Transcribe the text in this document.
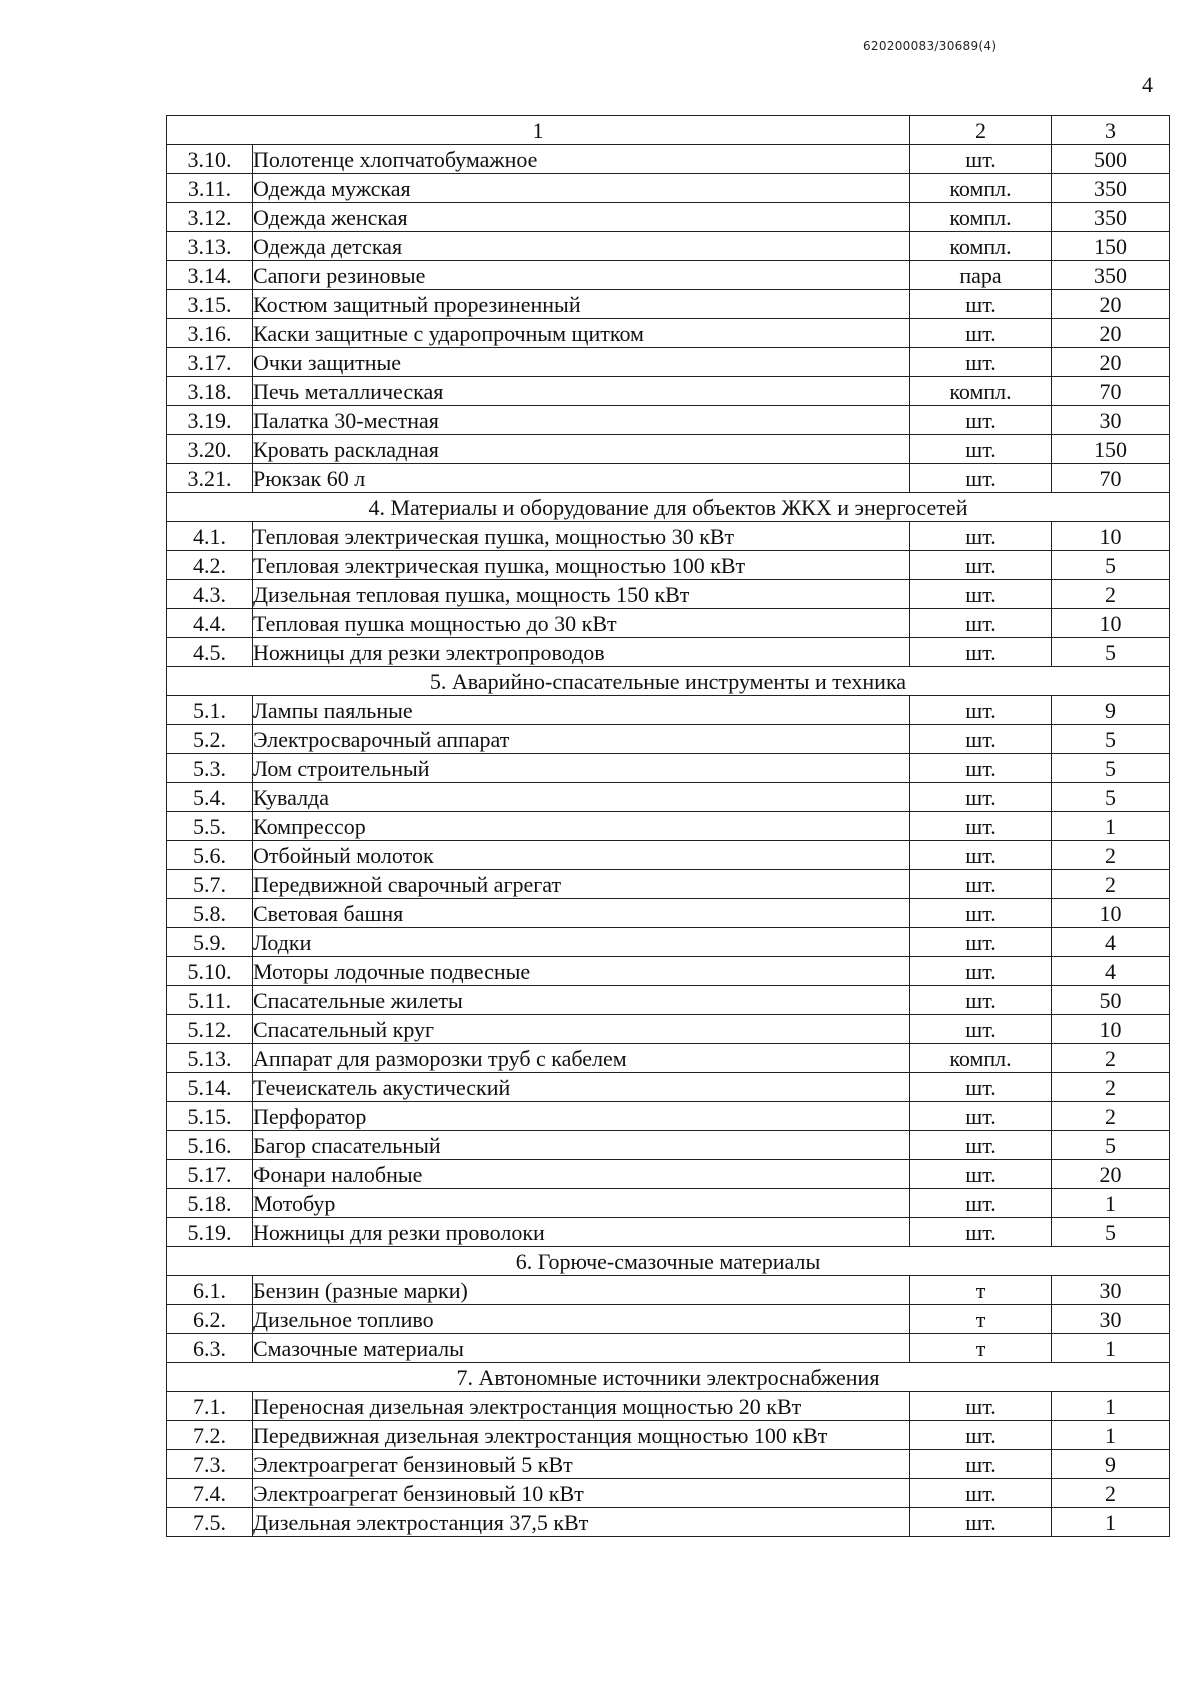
620200083/30689(4)
4
1		2	3
3.10.	Полотенце хлопчатобумажное	шт.	500
3.11.	Одежда мужская	компл.	350
3.12.	Одежда женская	компл.	350
3.13.	Одежда детская	компл.	150
3.14.	Сапоги резиновые	пара	350
3.15.	Костюм защитный прорезиненный	шт.	20
3.16.	Каски защитные с ударопрочным щитком	шт.	20
3.17.	Очки защитные	шт.	20
3.18.	Печь металлическая	компл.	70
3.19.	Палатка 30-местная	шт.	30
3.20.	Кровать раскладная	шт.	150
3.21.	Рюкзак 60 л	шт.	70
4. Материалы и оборудование для объектов ЖКХ и энергосетей			
4.1.	Тепловая электрическая пушка, мощностью 30 кВт	шт.	10
4.2.	Тепловая электрическая пушка, мощностью 100 кВт	шт.	5
4.3.	Дизельная тепловая пушка, мощность 150 кВт	шт.	2
4.4.	Тепловая пушка мощностью до 30 кВт	шт.	10
4.5.	Ножницы для резки электропроводов	шт.	5
5. Аварийно-спасательные инструменты и техника			
5.1.	Лампы паяльные	шт.	9
5.2.	Электросварочный аппарат	шт.	5
5.3.	Лом строительный	шт.	5
5.4.	Кувалда	шт.	5
5.5.	Компрессор	шт.	1
5.6.	Отбойный молоток	шт.	2
5.7.	Передвижной сварочный агрегат	шт.	2
5.8.	Световая башня	шт.	10
5.9.	Лодки	шт.	4
5.10.	Моторы лодочные подвесные	шт.	4
5.11.	Спасательные жилеты	шт.	50
5.12.	Спасательный круг	шт.	10
5.13.	Аппарат для разморозки труб с кабелем	компл.	2
5.14.	Течеискатель акустический	шт.	2
5.15.	Перфоратор	шт.	2
5.16.	Багор спасательный	шт.	5
5.17.	Фонари налобные	шт.	20
5.18.	Мотобур	шт.	1
5.19.	Ножницы для резки проволоки	шт.	5
6. Горюче-смазочные материалы			
6.1.	Бензин (разные марки)	т	30
6.2.	Дизельное топливо	т	30
6.3.	Смазочные материалы	т	1
7. Автономные источники электроснабжения			
7.1.	Переносная дизельная электростанция мощностью 20 кВт	шт.	1
7.2.	Передвижная дизельная электростанция мощностью 100 кВт	шт.	1
7.3.	Электроагрегат бензиновый 5 кВт	шт.	9
7.4.	Электроагрегат бензиновый 10 кВт	шт.	2
7.5.	Дизельная электростанция 37,5 кВт	шт.	1
